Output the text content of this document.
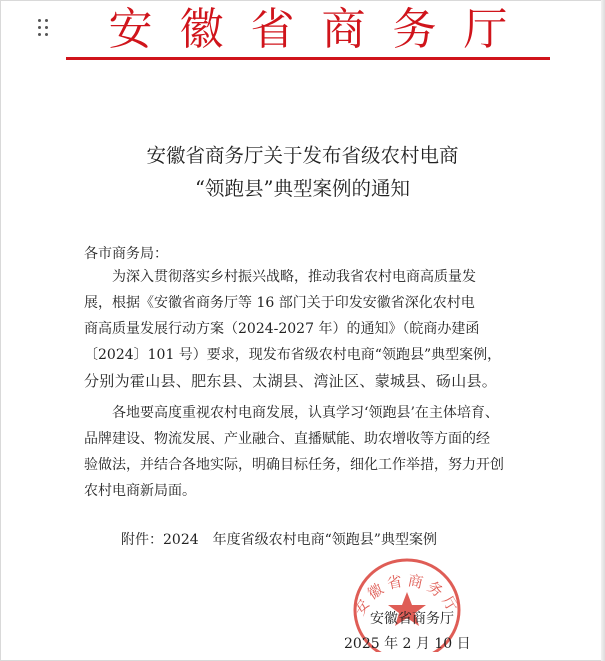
安徽省商务厅
安徽省商务厅关于发布省级农村电商
“领跑县”典型案例的通知
各市商务局：
为深入贯彻落实乡村振兴战略，推动我省农村电商高质量发
展，根据《安徽省商务厅等 16 部门关于印发安徽省深化农村电
商高质量发展行动方案（2024-2027 年）的通知》（皖商办建函
〔2024〕101 号）要求，现发布省级农村电商“领跑县”典型案例，
分别为霍山县、肥东县、太湖县、湾沚区、蒙城县、砀山县。
各地要高度重视农村电商发展，认真学习‘领跑县’在主体培育、
品牌建设、物流发展、产业融合、直播赋能、助农增收等方面的经
验做法，并结合各地实际，明确目标任务，细化工作举措，努力开创
农村电商新局面。
附件：2024　年度省级农村电商“领跑县”典型案例
安徽省商务厅
安徽省商务厅
2025 年 2 月 10 日
